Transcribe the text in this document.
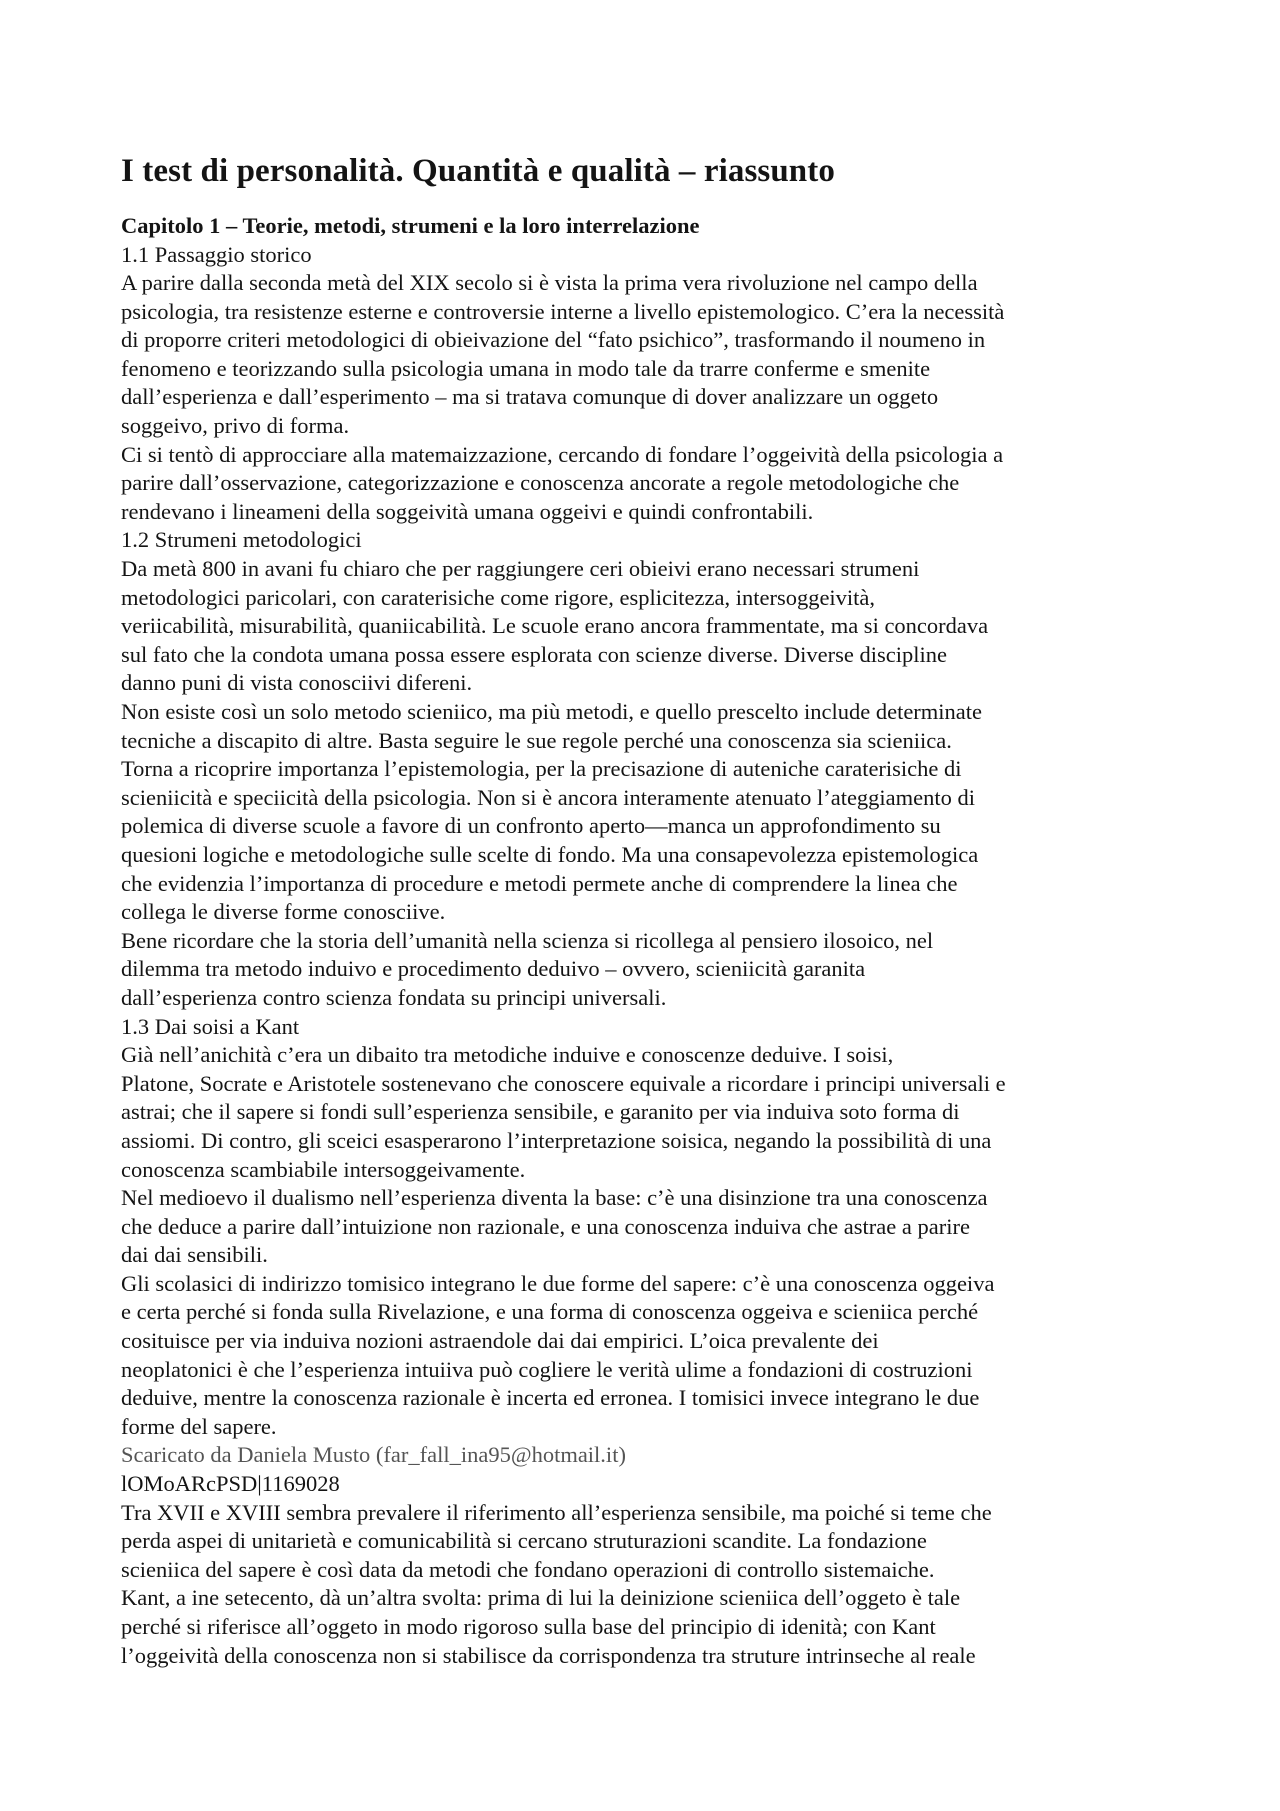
I test di personalità. Quantità e qualità – riassunto
Capitolo 1 – Teorie, metodi, strumeni e la loro interrelazione
1.1 Passaggio storico
A parire dalla seconda metà del XIX secolo si è vista la prima vera rivoluzione nel campo della
psicologia, tra resistenze esterne e controversie interne a livello epistemologico. C’era la necessità
di proporre criteri metodologici di obieivazione del “fato psichico”, trasformando il noumeno in
fenomeno e teorizzando sulla psicologia umana in modo tale da trarre conferme e smenite
dall’esperienza e dall’esperimento – ma si tratava comunque di dover analizzare un oggeto
soggeivo, privo di forma.
Ci si tentò di approcciare alla matemaizzazione, cercando di fondare l’oggeività della psicologia a
parire dall’osservazione, categorizzazione e conoscenza ancorate a regole metodologiche che
rendevano i lineameni della soggeività umana oggeivi e quindi confrontabili.
1.2 Strumeni metodologici
Da metà 800 in avani fu chiaro che per raggiungere ceri obieivi erano necessari strumeni
metodologici paricolari, con caraterisiche come rigore, esplicitezza, intersoggeività,
veriicabilità, misurabilità, quaniicabilità. Le scuole erano ancora frammentate, ma si concordava
sul fato che la condota umana possa essere esplorata con scienze diverse. Diverse discipline
danno puni di vista conosciivi difereni.
Non esiste così un solo metodo scieniico, ma più metodi, e quello prescelto include determinate
tecniche a discapito di altre. Basta seguire le sue regole perché una conoscenza sia scieniica.
Torna a ricoprire importanza l’epistemologia, per la precisazione di auteniche caraterisiche di
scieniicità e speciicità della psicologia. Non si è ancora interamente atenuato l’ateggiamento di
polemica di diverse scuole a favore di un confronto aperto—manca un approfondimento su
quesioni logiche e metodologiche sulle scelte di fondo. Ma una consapevolezza epistemologica
che evidenzia l’importanza di procedure e metodi permete anche di comprendere la linea che
collega le diverse forme conosciive.
Bene ricordare che la storia dell’umanità nella scienza si ricollega al pensiero ilosoico, nel
dilemma tra metodo induivo e procedimento deduivo – ovvero, scieniicità garanita
dall’esperienza contro scienza fondata su principi universali.
1.3 Dai soisi a Kant
Già nell’anichità c’era un dibaito tra metodiche induive e conoscenze deduive. I soisi,
Platone, Socrate e Aristotele sostenevano che conoscere equivale a ricordare i principi universali e
astrai; che il sapere si fondi sull’esperienza sensibile, e garanito per via induiva soto forma di
assiomi. Di contro, gli sceici esasperarono l’interpretazione soisica, negando la possibilità di una
conoscenza scambiabile intersoggeivamente.
Nel medioevo il dualismo nell’esperienza diventa la base: c’è una disinzione tra una conoscenza
che deduce a parire dall’intuizione non razionale, e una conoscenza induiva che astrae a parire
dai dai sensibili.
Gli scolasici di indirizzo tomisico integrano le due forme del sapere: c’è una conoscenza oggeiva
e certa perché si fonda sulla Rivelazione, e una forma di conoscenza oggeiva e scieniica perché
cosituisce per via induiva nozioni astraendole dai dai empirici. L’oica prevalente dei
neoplatonici è che l’esperienza intuiiva può cogliere le verità ulime a fondazioni di costruzioni
deduive, mentre la conoscenza razionale è incerta ed erronea. I tomisici invece integrano le due
forme del sapere.
Scaricato da Daniela Musto (far_fall_ina95@hotmail.it)
lOMoARcPSD|1169028
Tra XVII e XVIII sembra prevalere il riferimento all’esperienza sensibile, ma poiché si teme che
perda aspei di unitarietà e comunicabilità si cercano struturazioni scandite. La fondazione
scieniica del sapere è così data da metodi che fondano operazioni di controllo sistemaiche.
Kant, a ine setecento, dà un’altra svolta: prima di lui la deinizione scieniica dell’oggeto è tale
perché si riferisce all’oggeto in modo rigoroso sulla base del principio di idenità; con Kant
l’oggeività della conoscenza non si stabilisce da corrispondenza tra struture intrinseche al reale
